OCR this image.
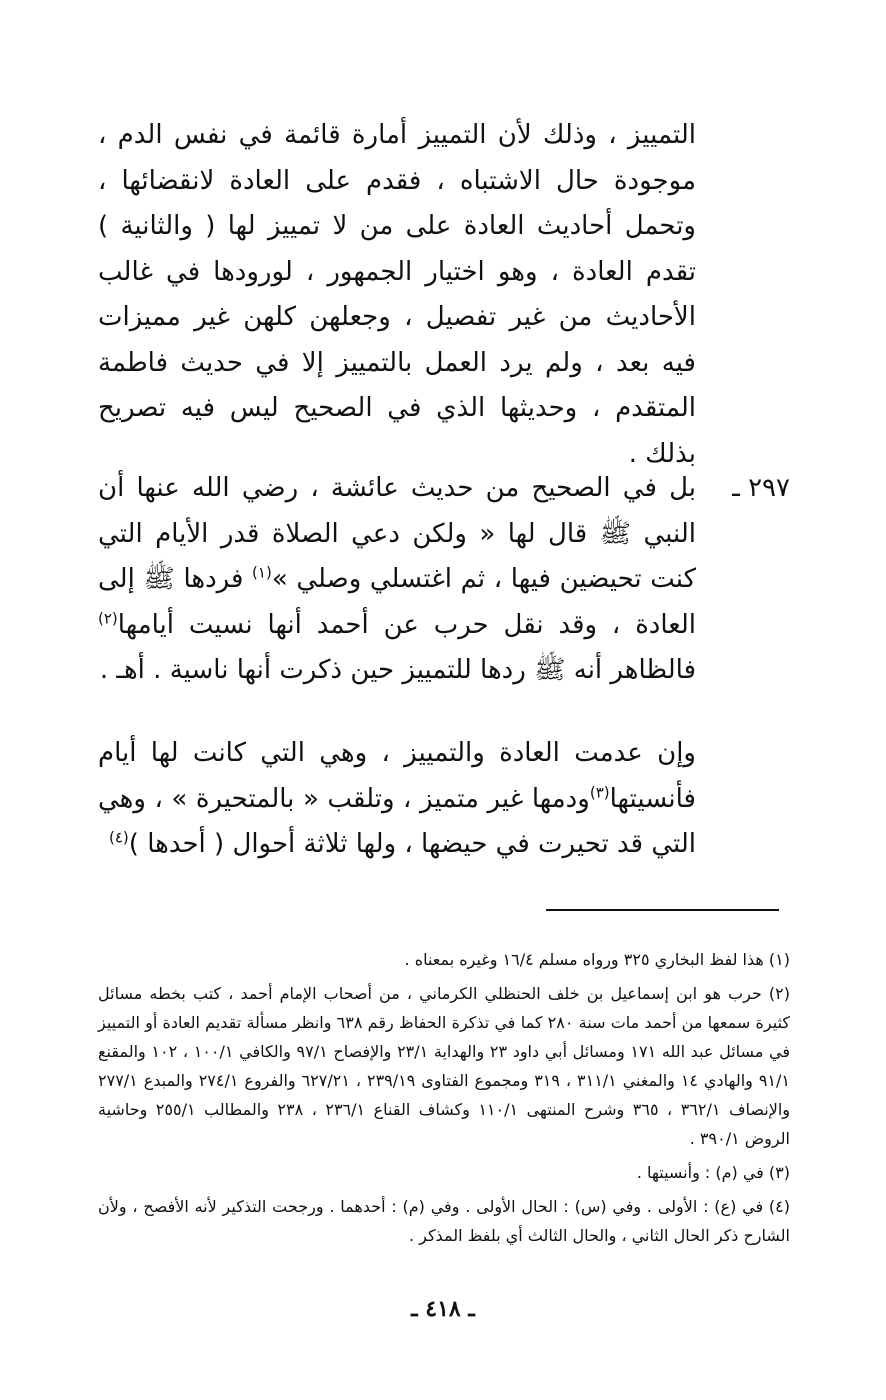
التمييز ، وذلك لأن التمييز أمارة قائمة في نفس الدم ، موجودة حال الاشتباه ، فقدم على العادة لانقضائها ، وتحمل أحاديث العادة على من لا تمييز لها ( والثانية ) تقدم العادة ، وهو اختيار الجمهور ، لورودها في غالب الأحاديث من غير تفصيل ، وجعلهن كلهن غير مميزات فيه بعد ، ولم يرد العمل بالتمييز إلا في حديث فاطمة المتقدم ، وحديثها الذي في الصحيح ليس فيه تصريح بذلك .

٢٩٧ ـ

بل في الصحيح من حديث عائشة ، رضي الله عنها أن النبي ﷺ قال لها « ولكن دعي الصلاة قدر الأيام التي كنت تحيضين فيها ، ثم اغتسلي وصلي »$^{(١)}$ فردها ﷺ إلى العادة ، وقد نقل حرب عن أحمد أنها نسيت أيامها$^{(٢)}$ فالظاهر أنه ﷺ ردها للتمييز حين ذكرت أنها ناسية . أهـ .

وإن عدمت العادة والتمييز ، وهي التي كانت لها أيام فأنسيتها$^{(٣)}$ودمها غير متميز ، وتلقب « بالمتحيرة » ، وهي التي قد تحيرت في حيضها ، ولها ثلاثة أحوال ( أحدها )$^{(٤)}$

(١) هذا لفظ البخاري ٣٢٥ ورواه مسلم ١٦/٤ وغيره بمعناه .

(٢) حرب هو ابن إسماعيل بن خلف الحنظلي الكرماني ، من أصحاب الإمام أحمد ، كتب بخطه مسائل كثيرة سمعها من أحمد مات سنة ٢٨٠ كما في تذكرة الحفاظ رقم ٦٣٨ وانظر مسألة تقديم العادة أو التمييز في مسائل عبد الله ١٧١ ومسائل أبي داود ٢٣ والهداية ٢٣/١ والإفصاح ٩٧/١ والكافي ١٠٠/١ ، ١٠٢ والمقنع ٩١/١ والهادي ١٤ والمغني ٣١١/١ ، ٣١٩ ومجموع الفتاوى ٢٣٩/١٩ ، ٦٢٧/٢١ والفروع ٢٧٤/١ والمبدع ٢٧٧/١ والإنصاف ٣٦٢/١ ، ٣٦٥ وشرح المنتهى ١١٠/١ وكشاف القناع ٢٣٦/١ ، ٢٣٨ والمطالب ٢٥٥/١ وحاشية الروض ٣٩٠/١ .

(٣) في (م) : وأنسيتها .

(٤) في (ع) : الأولى . وفي (س) : الحال الأولى . وفي (م) : أحدهما . ورجحت التذكير لأنه الأفصح ، ولأن الشارح ذكر الحال الثاني ، والحال الثالث أي بلفظ المذكر .

ـ ٤١٨ ـ
